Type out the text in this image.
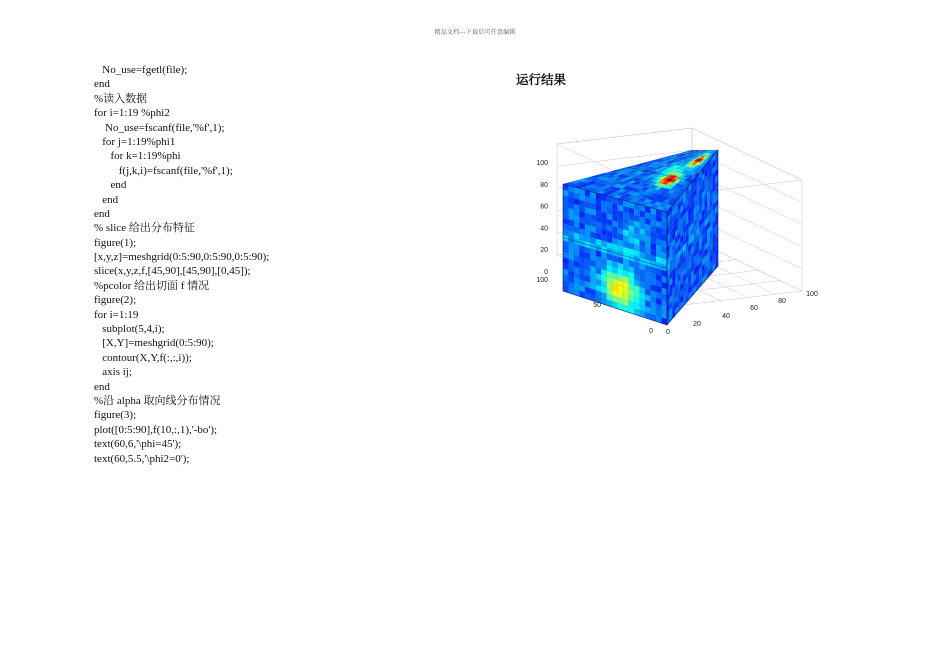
精品文档---下载后可任意编辑
No_use=fgetl(file);
end
%读入数据
for i=1:19 %phi2
No_use=fscanf(file,'%f',1);
for j=1:19%phi1
for k=1:19%phi
f(j,k,i)=fscanf(file,'%f',1);
end
end
end
% slice 给出分布特征
figure(1);
[x,y,z]=meshgrid(0:5:90,0:5:90,0:5:90);
slice(x,y,z,f,[45,90],[45,90],[0,45]);
%pcolor 给出切面 f 情况
figure(2);
for i=1:19
subplot(5,4,i);
[X,Y]=meshgrid(0:5:90);
contour(X,Y,f(:,:,i));
axis ij;
end
%沿 alpha 取向线分布情况
figure(3);
plot([0:5:90],f(10,:,1),'-bo');
text(60,6,'\phi=45');
text(60,5.5,'\phi2=0');
运行结果
0
20
40
60
80
100
0
50
100
0
20
40
60
80
100
